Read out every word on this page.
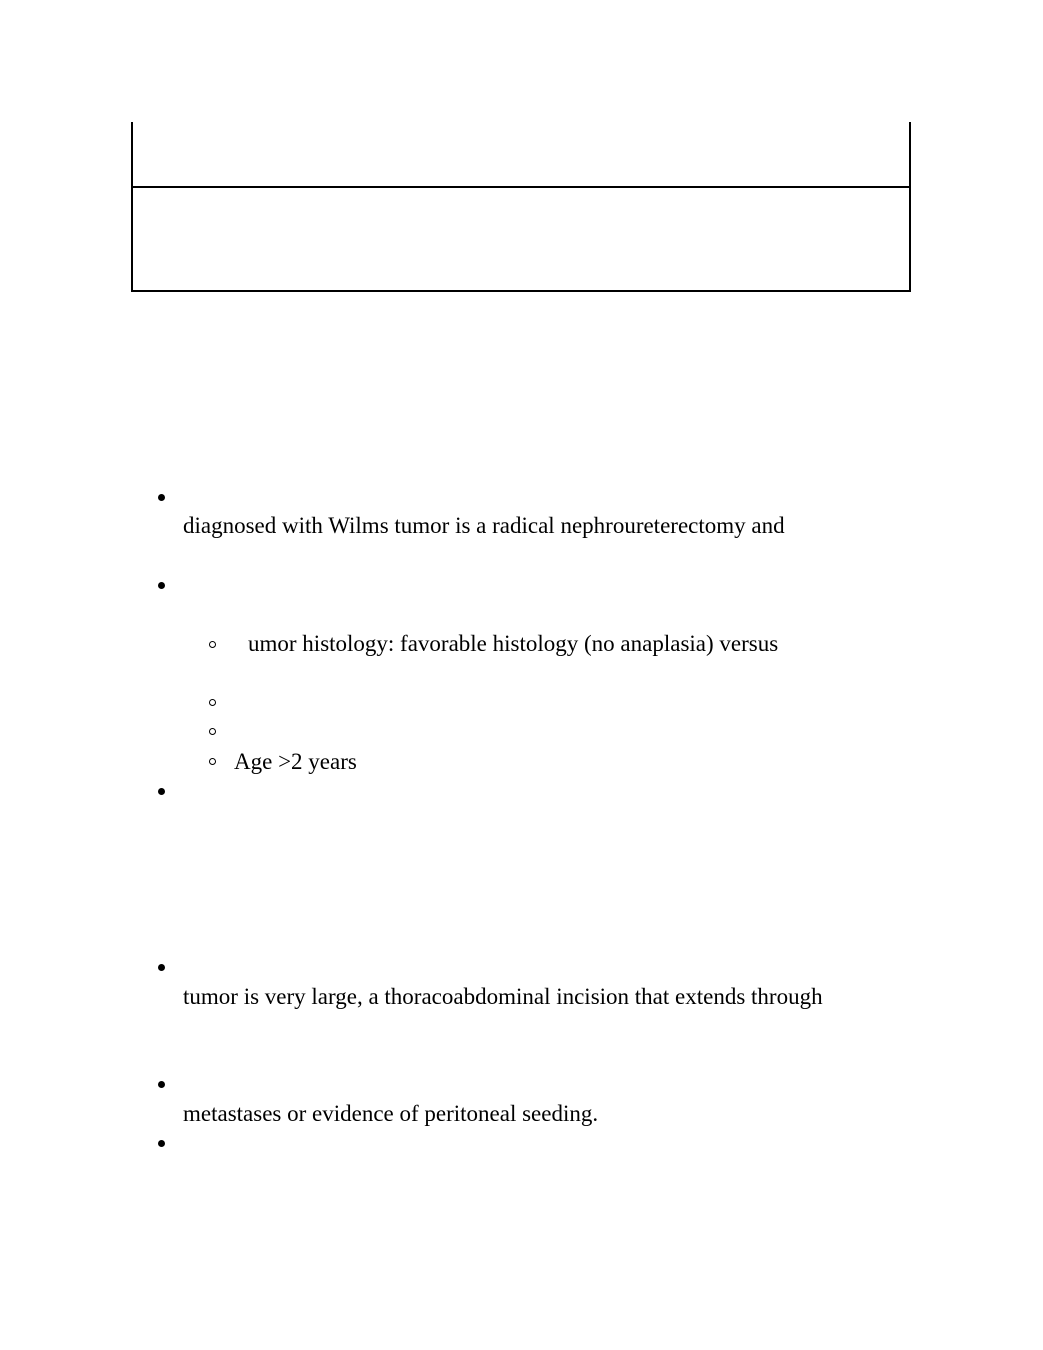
diagnosed with Wilms tumor is a radical nephroureterectomy and
umor histology: favorable histology (no anaplasia) versus
Age >2 years
tumor is very large, a thoracoabdominal incision that extends through
metastases or evidence of peritoneal seeding.
